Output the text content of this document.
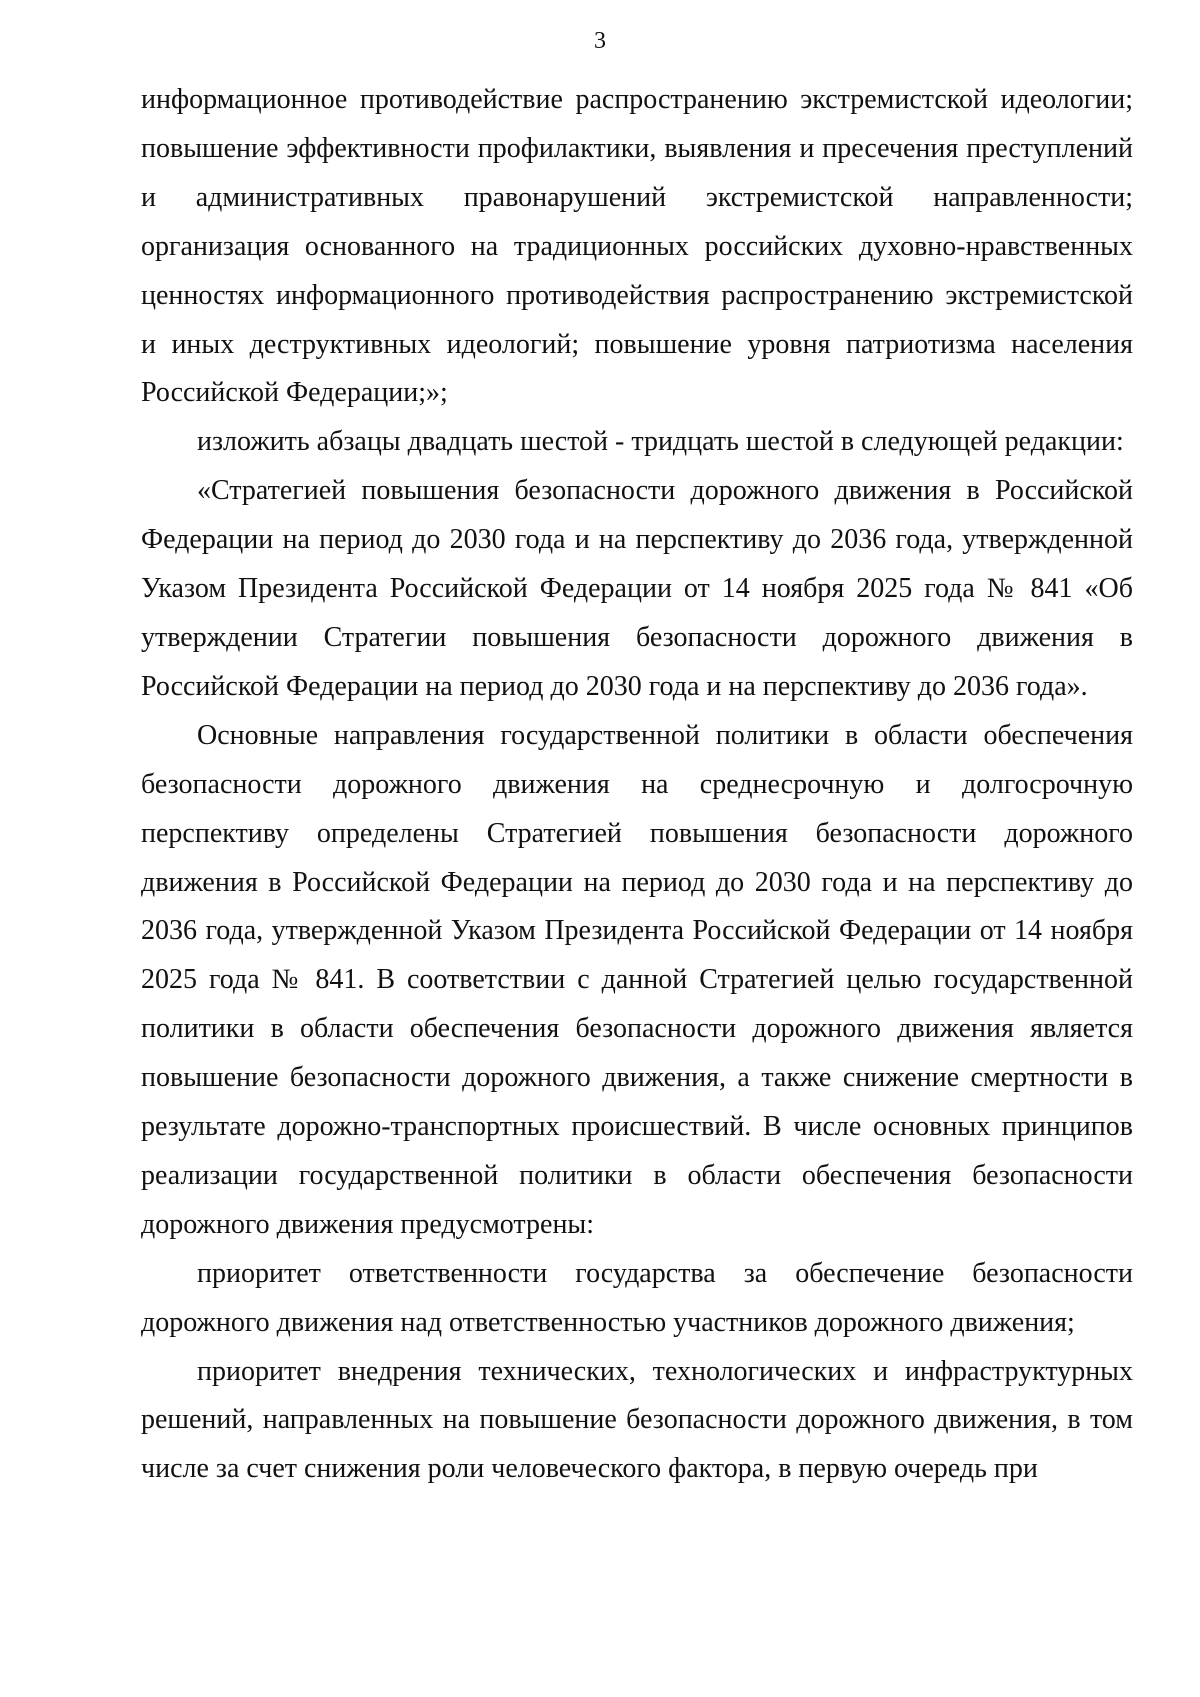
3

информационное противодействие распространению экстремистской идеологии; повышение эффективности профилактики, выявления и пресечения преступлений и административных правонарушений экстремистской направленности; организация основанного на традиционных российских духовно-нравственных ценностях информационного противодействия распространению экстремистской и иных деструктивных идеологий; повышение уровня патриотизма населения Российской Федерации;»;

изложить абзацы двадцать шестой - тридцать шестой в следующей редакции:

«Стратегией повышения безопасности дорожного движения в Российской Федерации на период до 2030 года и на перспективу до 2036 года, утвержденной Указом Президента Российской Федерации от 14 ноября 2025 года № 841 «Об утверждении Стратегии повышения безопасности дорожного движения в Российской Федерации на период до 2030 года и на перспективу до 2036 года».

Основные направления государственной политики в области обеспечения безопасности дорожного движения на среднесрочную и долгосрочную перспективу определены Стратегией повышения безопасности дорожного движения в Российской Федерации на период до 2030 года и на перспективу до 2036 года, утвержденной Указом Президента Российской Федерации от 14 ноября 2025 года № 841. В соответствии с данной Стратегией целью государственной политики в области обеспечения безопасности дорожного движения является повышение безопасности дорожного движения, а также снижение смертности в результате дорожно-транспортных происшествий. В числе основных принципов реализации государственной политики в области обеспечения безопасности дорожного движения предусмотрены:

приоритет ответственности государства за обеспечение безопасности дорожного движения над ответственностью участников дорожного движения;

приоритет внедрения технических, технологических и инфраструктурных решений, направленных на повышение безопасности дорожного движения, в том числе за счет снижения роли человеческого фактора, в первую очередь при
